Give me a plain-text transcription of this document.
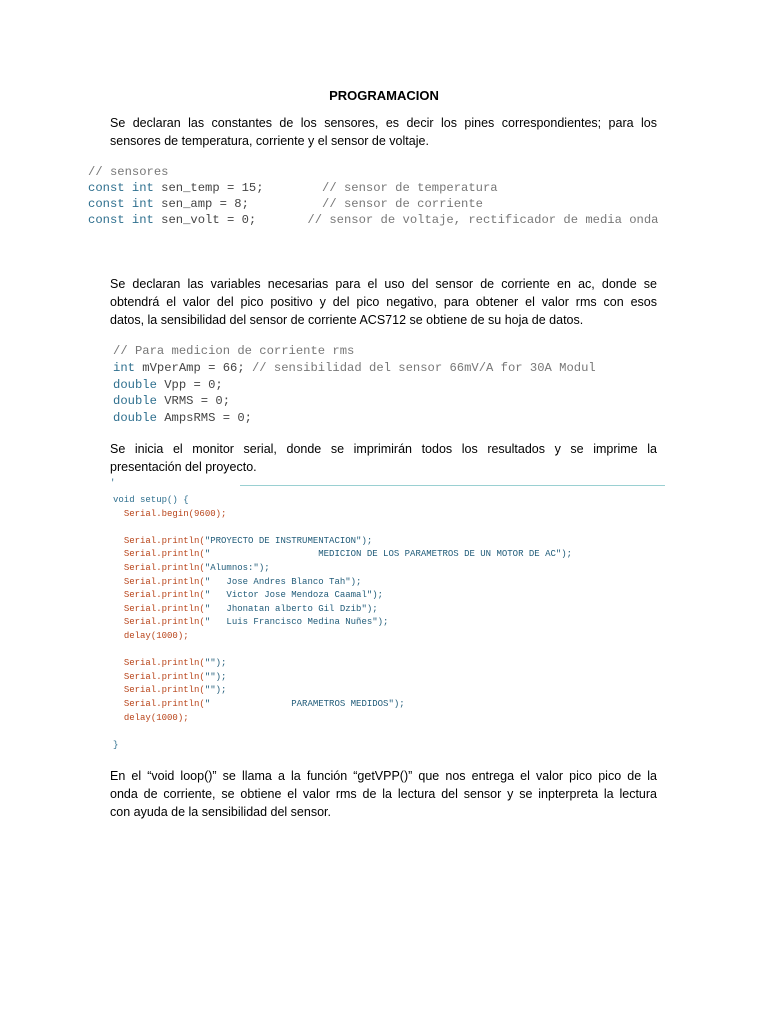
PROGRAMACION
Se declaran las constantes de los sensores, es decir los pines correspondientes; para los
sensores de temperatura, corriente y el sensor de voltaje.
// sensores
const int sen_temp = 15;        // sensor de temperatura
const int sen_amp = 8;          // sensor de corriente
const int sen_volt = 0;       // sensor de voltaje, rectificador de media onda
Se declaran las variables necesarias para el uso del sensor de corriente en ac, donde se
obtendrá el valor del pico positivo y del pico negativo, para obtener el valor rms con esos
datos, la sensibilidad del sensor de corriente ACS712 se obtiene de su hoja de datos.
// Para medicion de corriente rms
int mVperAmp = 66; // sensibilidad del sensor 66mV/A for 30A Modul
double Vpp = 0;
double VRMS = 0;
double AmpsRMS = 0;
Se inicia el monitor serial, donde se imprimirán todos los resultados y se imprime la
presentación del proyecto.
'
void setup() {
Serial.begin(9600);

Serial.println("PROYECTO DE INSTRUMENTACION");
Serial.println("                    MEDICION DE LOS PARAMETROS DE UN MOTOR DE AC");
Serial.println("Alumnos:");
Serial.println("   Jose Andres Blanco Tah");
Serial.println("   Victor Jose Mendoza Caamal");
Serial.println("   Jhonatan alberto Gil Dzib");
Serial.println("   Luis Francisco Medina Nuñes");
delay(1000);

Serial.println("");
Serial.println("");
Serial.println("");
Serial.println("               PARAMETROS MEDIDOS");
delay(1000);

}
En el “void loop()” se llama a la función “getVPP()” que nos entrega el valor pico pico de la
onda de corriente, se obtiene el valor rms de la lectura del sensor y se inpterpreta la lectura
con ayuda de la sensibilidad del sensor.
